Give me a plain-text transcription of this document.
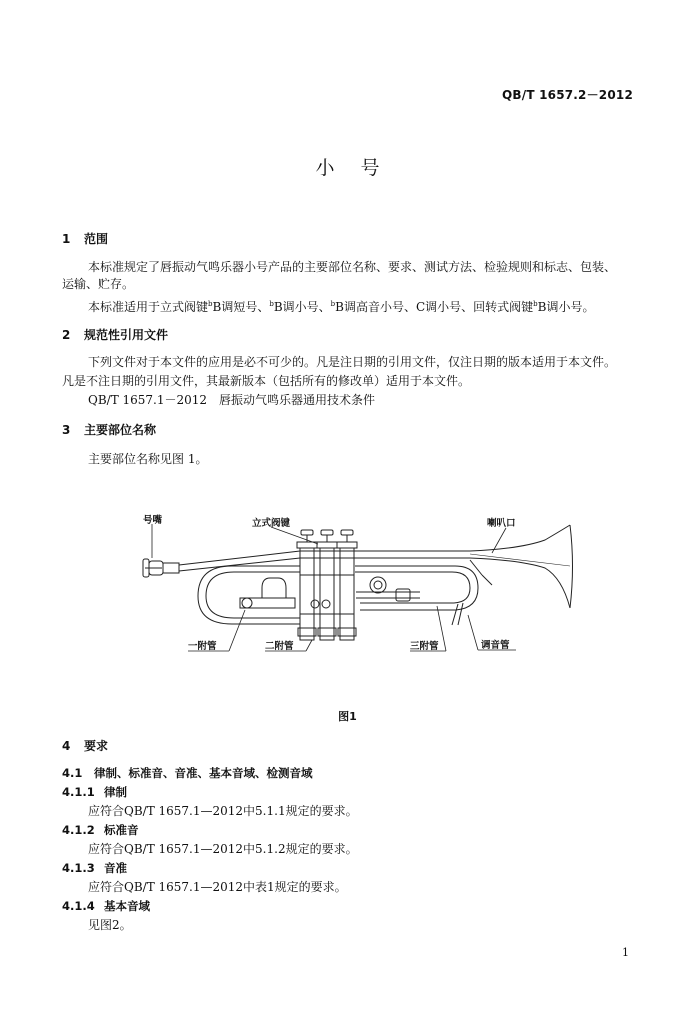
QB/T 1657.2－2012
小 号
1 范围
本标准规定了唇振动气鸣乐器小号产品的主要部位名称、要求、测试方法、检验规则和标志、包装、
运输、贮存。
本标准适用于立式阀键$^b$B调短号、$^b$B调小号、$^b$B调高音小号、C调小号、回转式阀键$^b$B调小号。
2 规范性引用文件
下列文件对于本文件的应用是必不可少的。凡是注日期的引用文件，仅注日期的版本适用于本文件。
凡是不注日期的引用文件，其最新版本（包括所有的修改单）适用于本文件。
QB/T 1657.1－2012 唇振动气鸣乐器通用技术条件
3 主要部位名称
主要部位名称见图 1。
号嘴	立式阀键	喇叭口
一附管	二附管	三附管	调音管
图1
4 要求
4.1 律制、标准音、音准、基本音域、检测音域
4.1.1 律制
应符合QB/T 1657.1—2012中5.1.1规定的要求。
4.1.2 标准音
应符合QB/T 1657.1—2012中5.1.2规定的要求。
4.1.3 音准
应符合QB/T 1657.1—2012中表1规定的要求。
4.1.4 基本音域
见图2。
1
